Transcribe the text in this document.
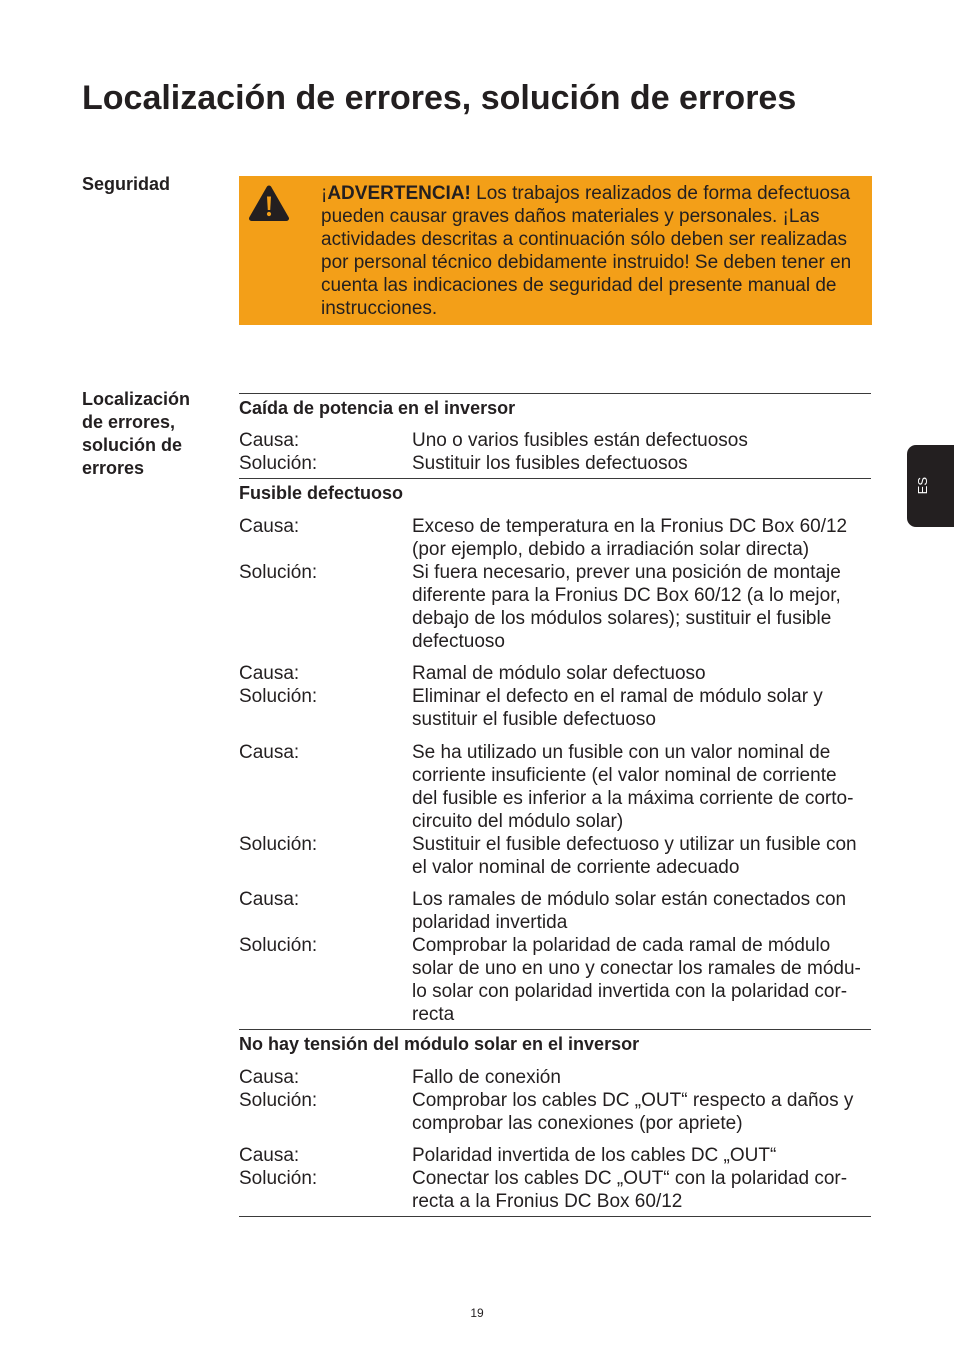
Localización de errores, solución de errores
Seguridad	¡ADVERTENCIA! Los trabajos realizados de forma defectuosa
pueden causar graves daños materiales y personales. ¡Las
actividades descritas a continuación sólo deben ser realizadas
por personal técnico debidamente instruido! Se deben tener en
cuenta las indicaciones de seguridad del presente manual de
instrucciones.
Localización
de errores,
solución de
errores
Caída de potencia en el inversor
Causa:	Uno o varios fusibles están defectuosos
Solución:	Sustituir los fusibles defectuosos
Fusible defectuoso
Causa:	Exceso de temperatura en la Fronius DC Box 60/12
(por ejemplo, debido a irradiación solar directa)
Solución:	Si fuera necesario, prever una posición de montaje
diferente para la Fronius DC Box 60/12 (a lo mejor,
debajo de los módulos solares); sustituir el fusible
defectuoso
Causa:	Ramal de módulo solar defectuoso
Solución:	Eliminar el defecto en el ramal de módulo solar y
sustituir el fusible defectuoso
Causa:	Se ha utilizado un fusible con un valor nominal de
corriente insuficiente (el valor nominal de corriente
del fusible es inferior a la máxima corriente de corto-
circuito del módulo solar)
Solución:	Sustituir el fusible defectuoso y utilizar un fusible con
el valor nominal de corriente adecuado
Causa:	Los ramales de módulo solar están conectados con
polaridad invertida
Solución:	Comprobar la polaridad de cada ramal de módulo
solar de uno en uno y conectar los ramales de módu-
lo solar con polaridad invertida con la polaridad cor-
recta
No hay tensión del módulo solar en el inversor
Causa:	Fallo de conexión
Solución:	Comprobar los cables DC „OUT“ respecto a daños y
comprobar las conexiones (por apriete)
Causa:	Polaridad invertida de los cables DC „OUT“
Solución:	Conectar los cables DC „OUT“ con la polaridad cor-
recta a la Fronius DC Box 60/12
ES
19
